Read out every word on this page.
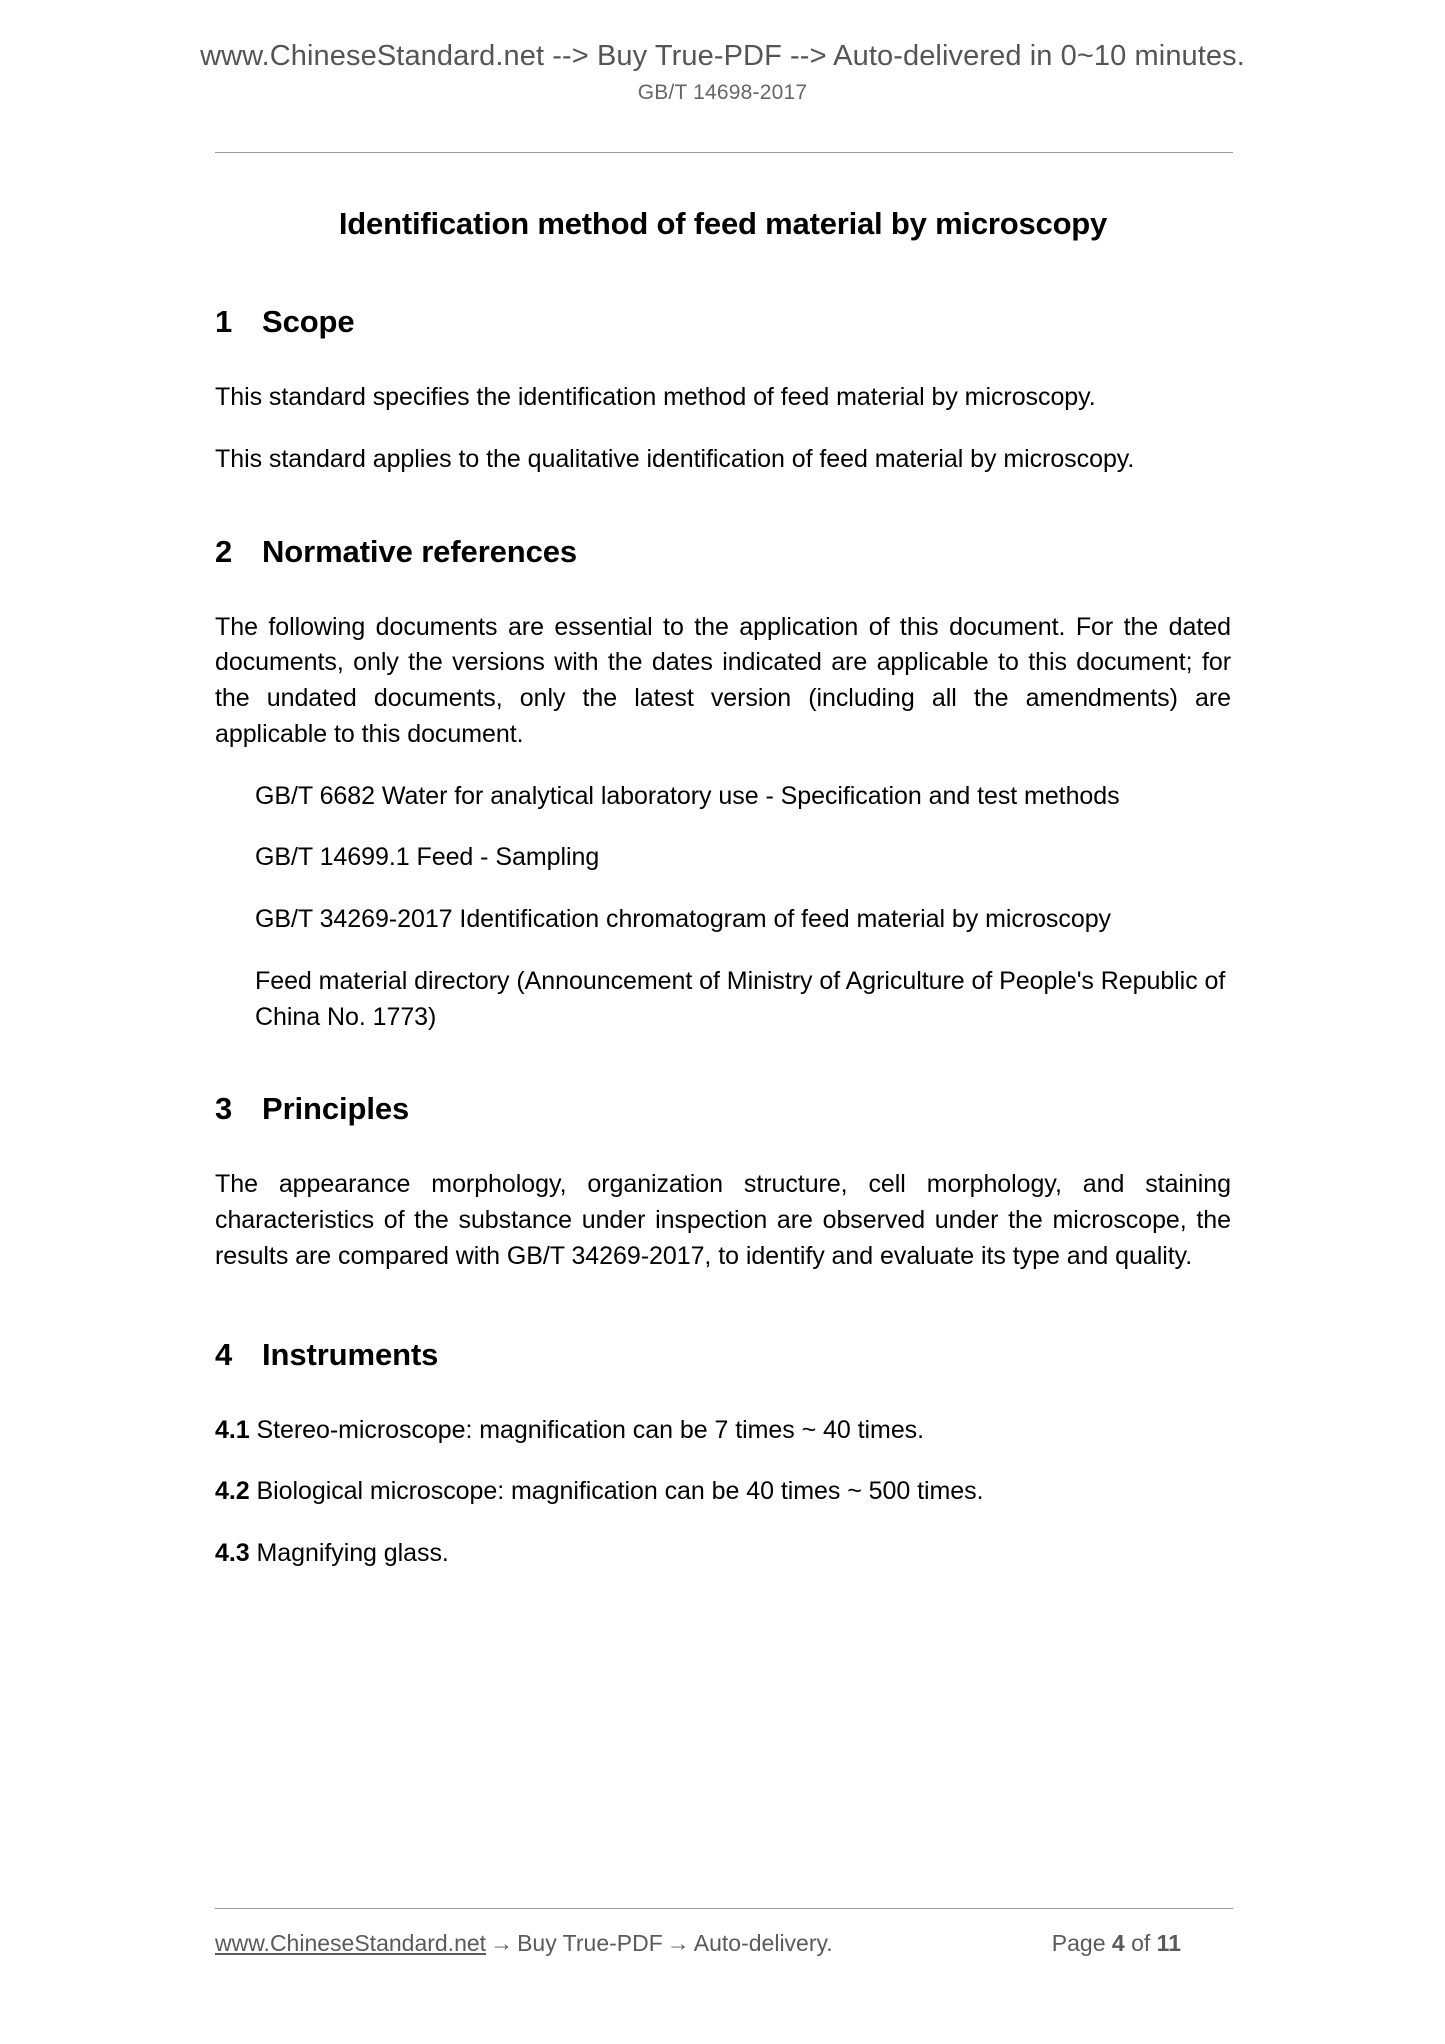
www.ChineseStandard.net --> Buy True-PDF --> Auto-delivered in 0~10 minutes.
GB/T 14698-2017
Identification method of feed material by microscopy
1 Scope

This standard specifies the identification method of feed material by microscopy.

This standard applies to the qualitative identification of feed material by microscopy.

2 Normative references

The following documents are essential to the application of this document. For the dated documents, only the versions with the dates indicated are applicable to this document; for the undated documents, only the latest version (including all the amendments) are applicable to this document.

GB/T 6682 Water for analytical laboratory use - Specification and test methods

GB/T 14699.1 Feed - Sampling

GB/T 34269-2017 Identification chromatogram of feed material by microscopy

Feed material directory (Announcement of Ministry of Agriculture of People's Republic of China No. 1773)

3 Principles

The appearance morphology, organization structure, cell morphology, and staining characteristics of the substance under inspection are observed under the microscope, the results are compared with GB/T 34269-2017, to identify and evaluate its type and quality.

4 Instruments

4.1 Stereo-microscope: magnification can be 7 times ~ 40 times.

4.2 Biological microscope: magnification can be 40 times ~ 500 times.

4.3 Magnifying glass.

www.ChineseStandard.net → Buy True-PDF → Auto-delivery.	Page 4 of 11
